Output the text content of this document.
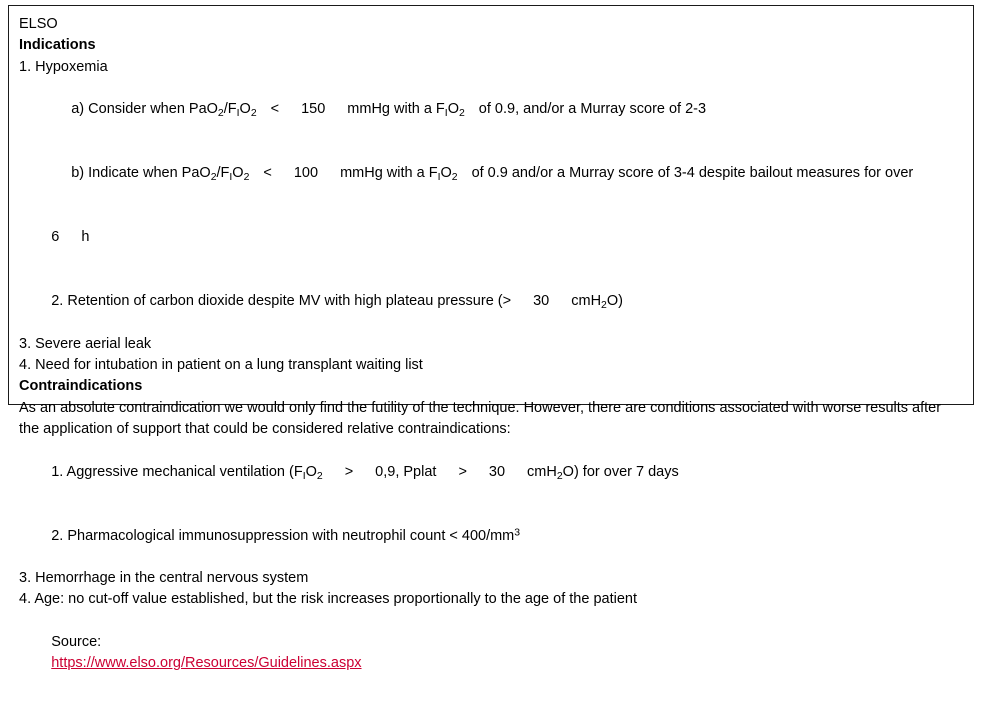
ELSO
Indications
1. Hypoxemia

a) Consider when $PaO_2/F_IO_2 < 150$ mmHg with a $F_IO_2$ of 0.9, and/or a Murray score of 2-3

b) Indicate when $PaO_2/F_IO_2 < 100$ mmHg with a $F_IO_2$ of 0.9 and/or a Murray score of 3-4 despite bailout measures for over

6 h

2. Retention of carbon dioxide despite MV with high plateau pressure (> 30 cmH$_2$O)

3. Severe aerial leak
4. Need for intubation in patient on a lung transplant waiting list
Contraindications
As an absolute contraindication we would only find the futility of the technique. However, there are conditions associated with worse results after the application of support that could be considered relative contraindications:

1. Aggressive mechanical ventilation ($F_IO_2 > 0,9$, Pplat > 30 cmH$_2$O) for over 7 days

2. Pharmacological immunosuppression with neutrophil count < $400/mm^3$

3. Hemorrhage in the central nervous system
4. Age: no cut-off value established, but the risk increases proportionally to the age of the patient

Source:
https://www.elso.org/Resources/Guidelines.aspx
